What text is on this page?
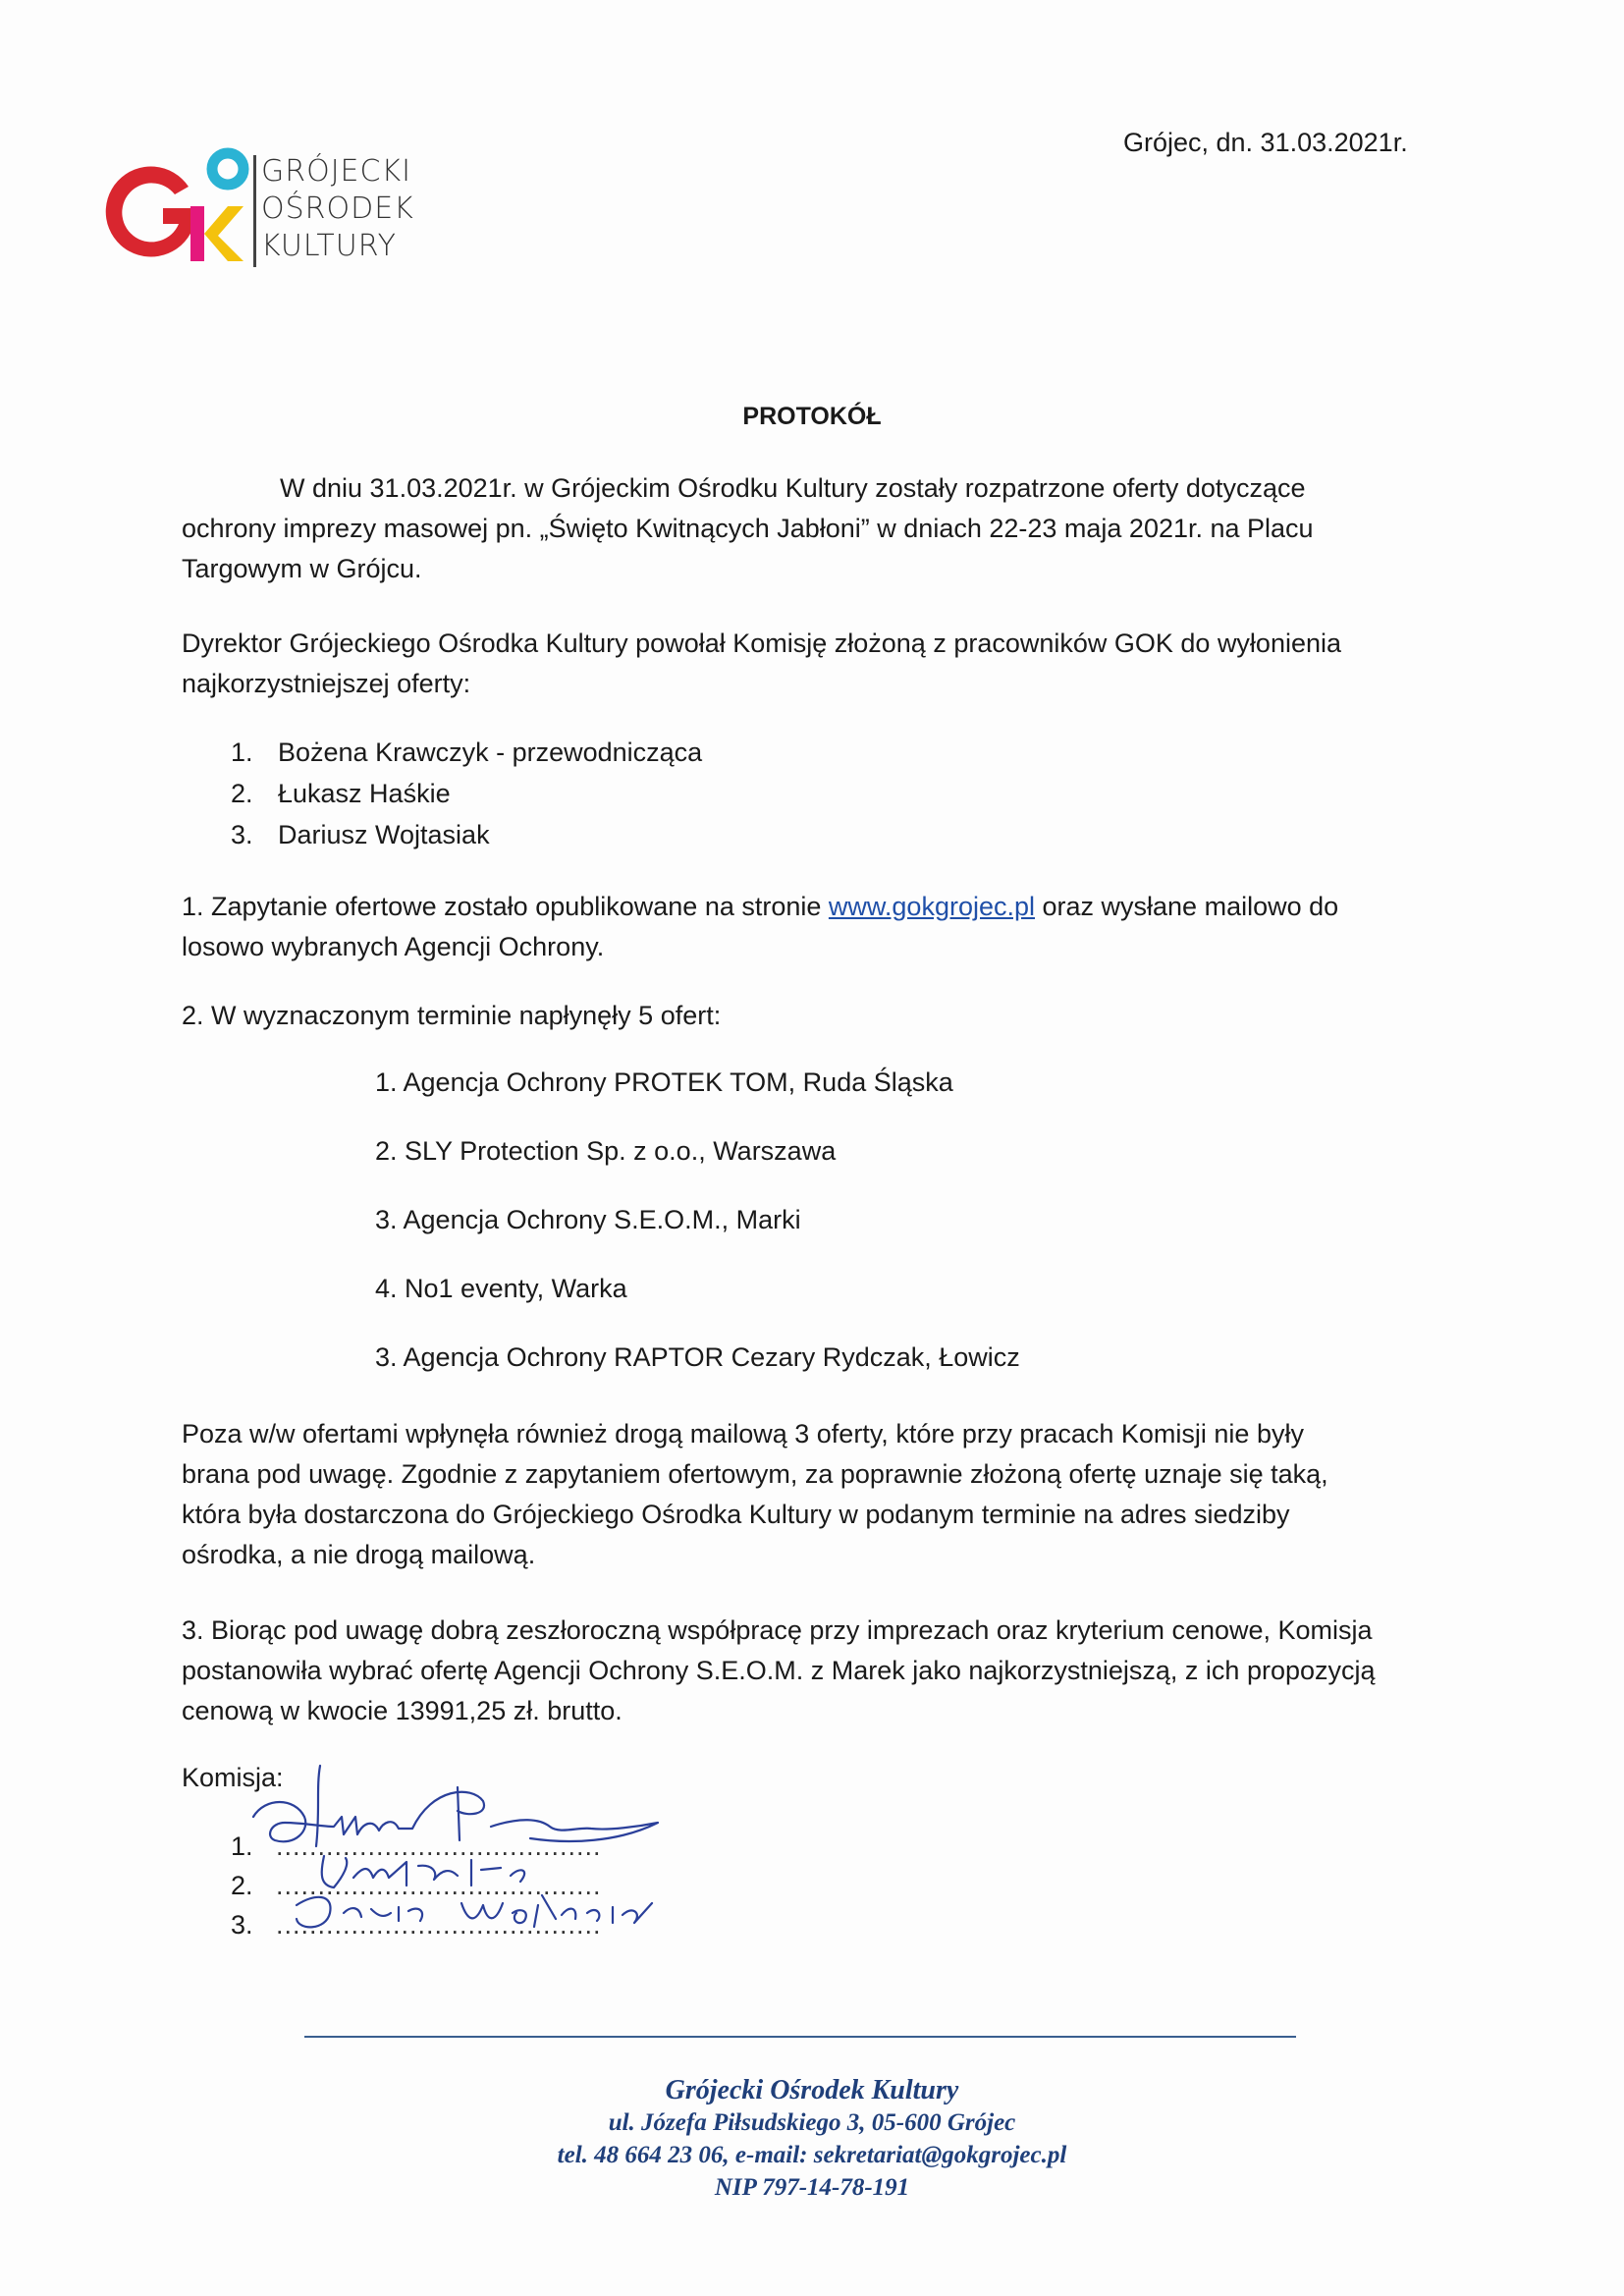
GRÓJECKI
OŚRODEK
KULTURY
Grójec, dn. 31.03.2021r.
PROTOKÓŁ
W dniu 31.03.2021r. w Grójeckim Ośrodku Kultury zostały rozpatrzone oferty dotyczące
ochrony imprezy masowej pn. „Święto Kwitnących Jabłoni” w dniach 22-23 maja 2021r. na Placu
Targowym w Grójcu.
Dyrektor Grójeckiego Ośrodka Kultury powołał Komisję złożoną z pracowników GOK do wyłonienia
najkorzystniejszej oferty:
1. Bożena Krawczyk - przewodnicząca
2. Łukasz Haśkie
3. Dariusz Wojtasiak
1. Zapytanie ofertowe zostało opublikowane na stronie www.gokgrojec.pl oraz wysłane mailowo do
losowo wybranych Agencji Ochrony.
2. W wyznaczonym terminie napłynęły 5 ofert:
1. Agencja Ochrony PROTEK TOM, Ruda Śląska
2. SLY Protection Sp. z o.o., Warszawa
3. Agencja Ochrony S.E.O.M., Marki
4. No1 eventy, Warka
3. Agencja Ochrony RAPTOR Cezary Rydczak, Łowicz
Poza w/w ofertami wpłynęła również drogą mailową 3 oferty, które przy pracach Komisji nie były
brana pod uwagę. Zgodnie z zapytaniem ofertowym, za poprawnie złożoną ofertę uznaje się taką,
która była dostarczona do Grójeckiego Ośrodka Kultury w podanym terminie na adres siedziby
ośrodka, a nie drogą mailową.
3. Biorąc pod uwagę dobrą zeszłoroczną współpracę przy imprezach oraz kryterium cenowe, Komisja
postanowiła wybrać ofertę Agencji Ochrony S.E.O.M. z Marek jako najkorzystniejszą, z ich propozycją
cenową w kwocie 13991,25 zł. brutto.
Komisja:
1. .......................................
2. .......................................
3. .......................................
Grójecki Ośrodek Kultury
ul. Józefa Piłsudskiego 3, 05-600 Grójec
tel. 48 664 23 06, e-mail: sekretariat@gokgrojec.pl
NIP 797-14-78-191
